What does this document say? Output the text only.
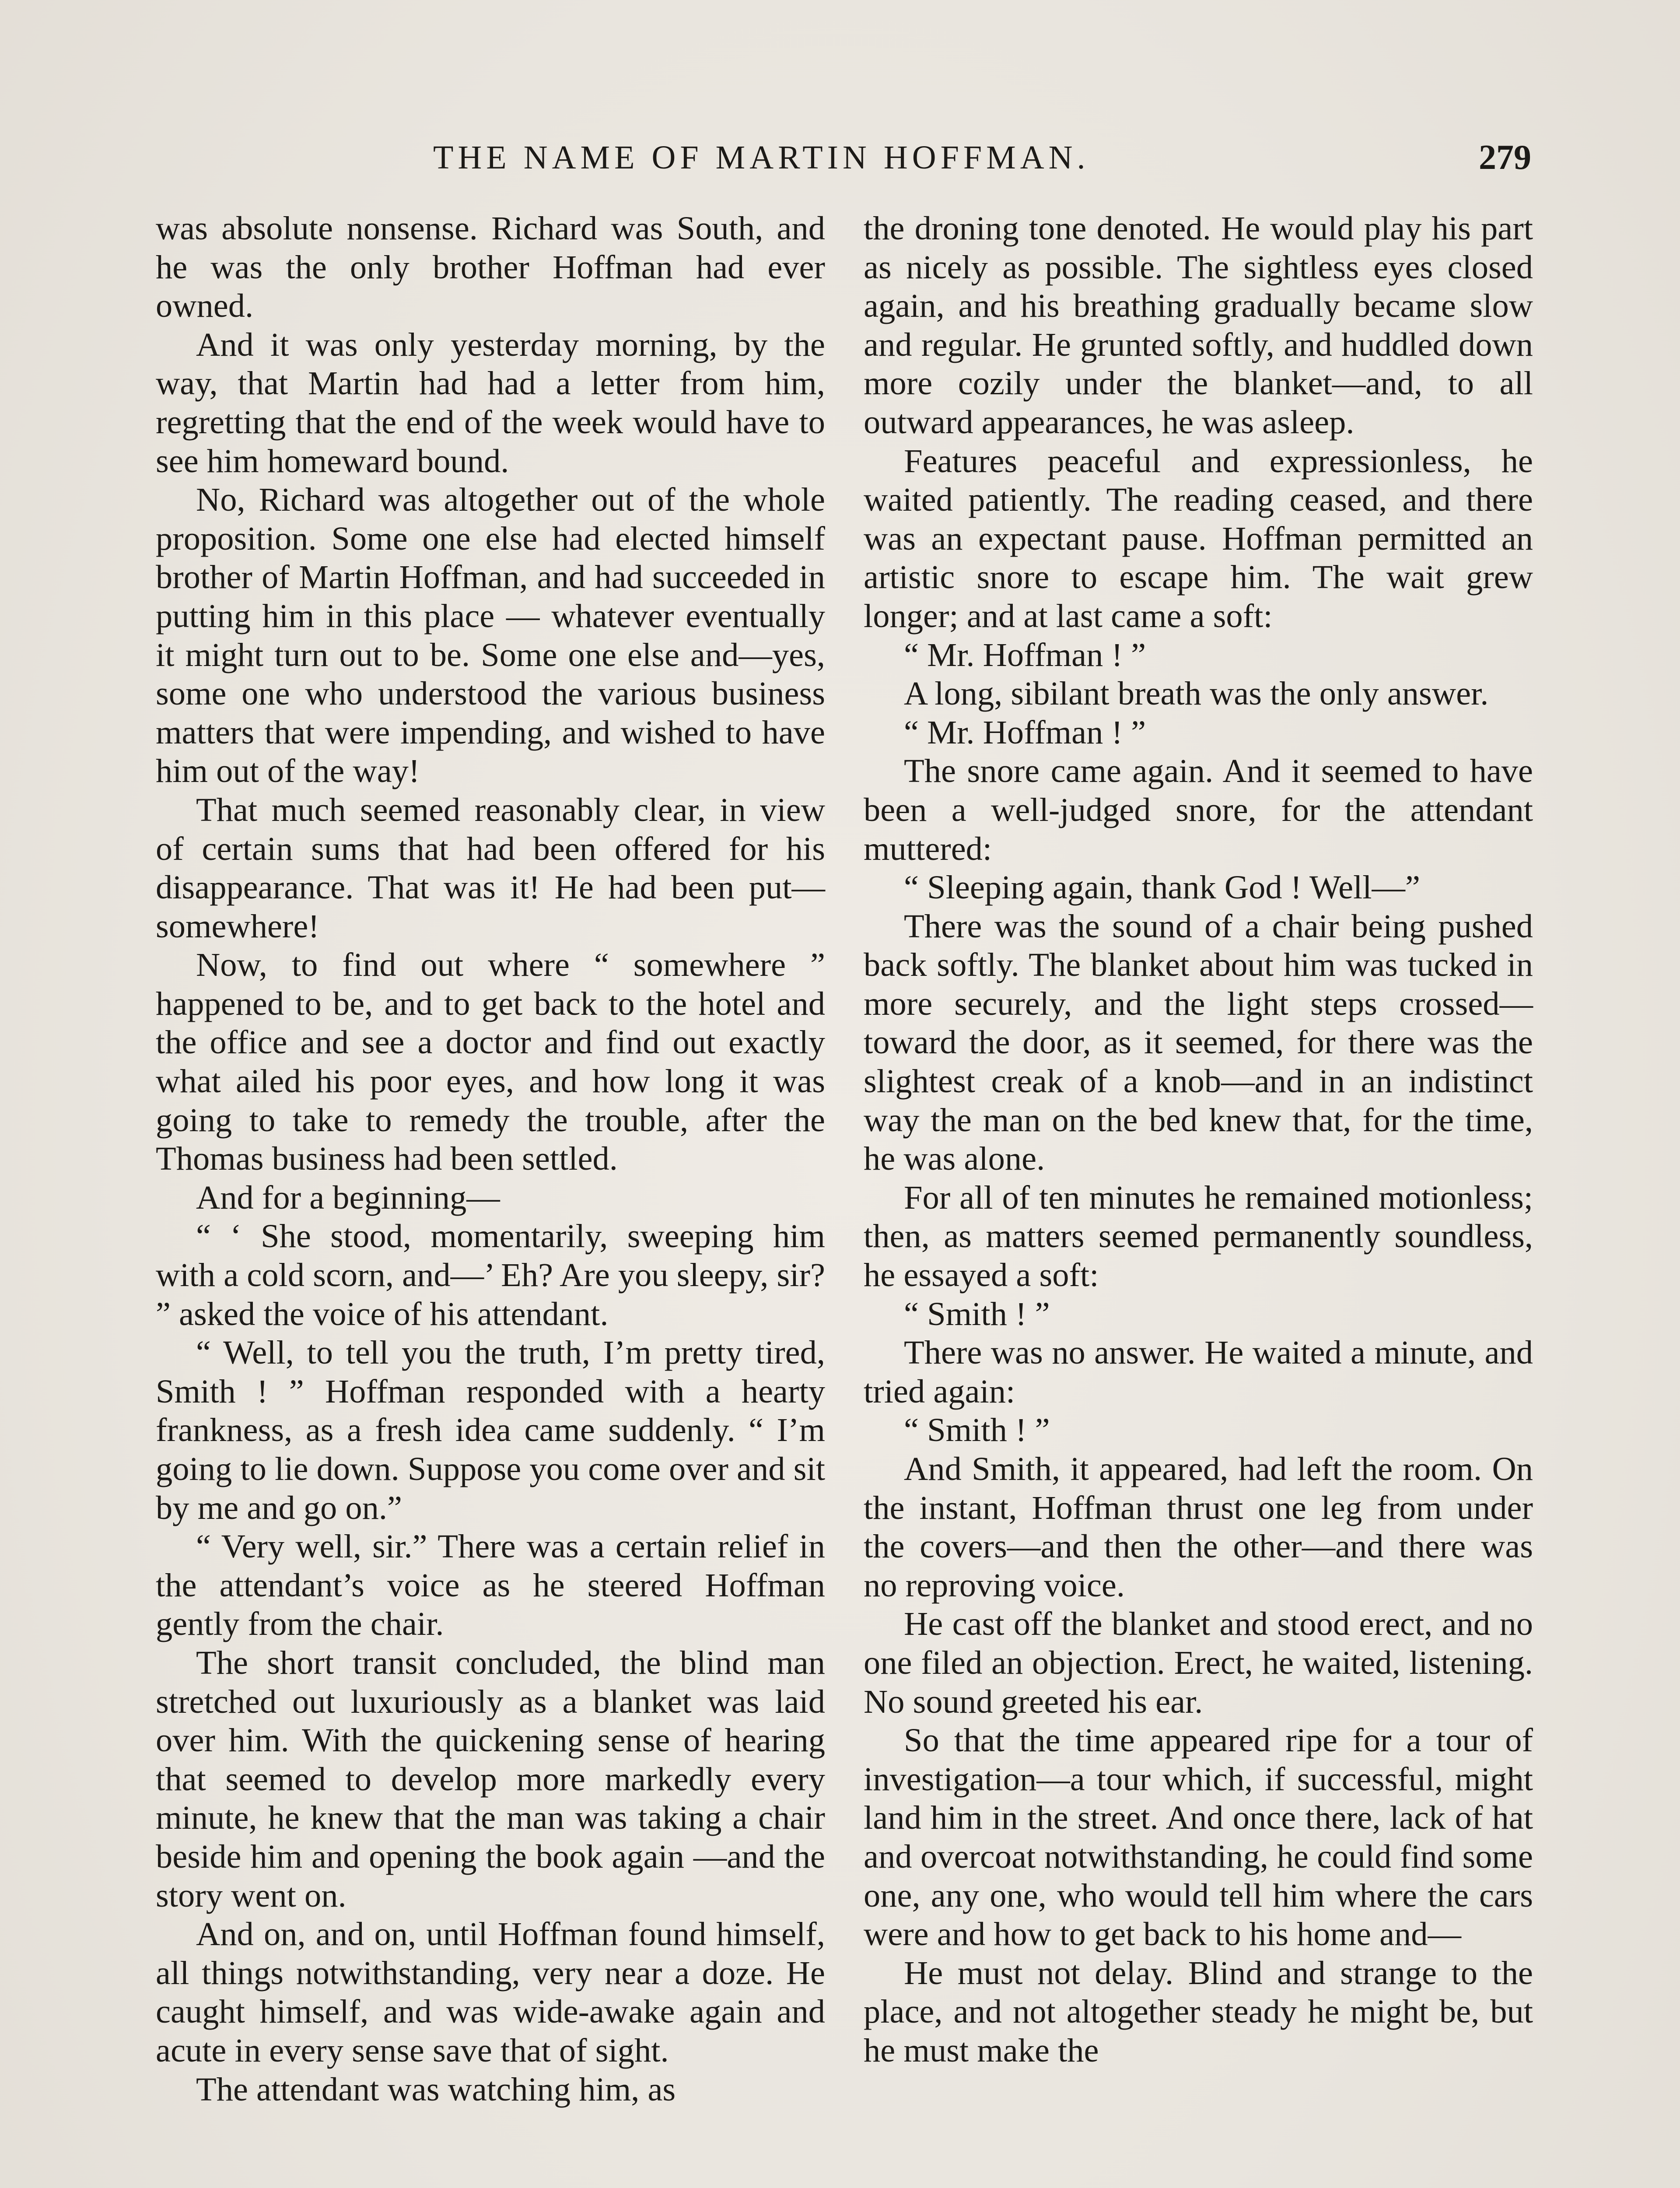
THE NAME OF MARTIN HOFFMAN.	279

was absolute nonsense. Richard was South, and he was the only brother Hoffman had ever owned.

And it was only yesterday morning, by the way, that Martin had had a letter from him, regretting that the end of the week would have to see him homeward bound.

No, Richard was altogether out of the whole proposition. Some one else had elected himself brother of Martin Hoffman, and had succeeded in putting him in this place — whatever eventually it might turn out to be. Some one else and—yes, some one who understood the various business matters that were impending, and wished to have him out of the way!

That much seemed reasonably clear, in view of certain sums that had been offered for his disappearance. That was it! He had been put—somewhere!

Now, to find out where “ somewhere ” happened to be, and to get back to the hotel and the office and see a doctor and find out exactly what ailed his poor eyes, and how long it was going to take to remedy the trouble, after the Thomas business had been settled.

And for a beginning—

“ ‘ She stood, momentarily, sweeping him with a cold scorn, and—’ Eh? Are you sleepy, sir? ” asked the voice of his attendant.

“ Well, to tell you the truth, I’m pretty tired, Smith ! ” Hoffman responded with a hearty frankness, as a fresh idea came suddenly. “ I’m going to lie down. Suppose you come over and sit by me and go on.”

“ Very well, sir.” There was a certain relief in the attendant’s voice as he steered Hoffman gently from the chair.

The short transit concluded, the blind man stretched out luxuriously as a blanket was laid over him. With the quickening sense of hearing that seemed to develop more markedly every minute, he knew that the man was taking a chair beside him and opening the book again —and the story went on.

And on, and on, until Hoffman found himself, all things notwithstanding, very near a doze. He caught himself, and was wide-awake again and acute in every sense save that of sight.

The attendant was watching him, as

the droning tone denoted. He would play his part as nicely as possible. The sightless eyes closed again, and his breathing gradually became slow and regular. He grunted softly, and huddled down more cozily under the blanket—and, to all outward appearances, he was asleep.

Features peaceful and expressionless, he waited patiently. The reading ceased, and there was an expectant pause. Hoffman permitted an artistic snore to escape him. The wait grew longer; and at last came a soft:

“ Mr. Hoffman ! ”

A long, sibilant breath was the only answer.

“ Mr. Hoffman ! ”

The snore came again. And it seemed to have been a well-judged snore, for the attendant muttered:

“ Sleeping again, thank God ! Well—”

There was the sound of a chair being pushed back softly. The blanket about him was tucked in more securely, and the light steps crossed—toward the door, as it seemed, for there was the slightest creak of a knob—and in an indistinct way the man on the bed knew that, for the time, he was alone.

For all of ten minutes he remained motionless; then, as matters seemed permanently soundless, he essayed a soft:

“ Smith ! ”

There was no answer. He waited a minute, and tried again:

“ Smith ! ”

And Smith, it appeared, had left the room. On the instant, Hoffman thrust one leg from under the covers—and then the other—and there was no reproving voice.

He cast off the blanket and stood erect, and no one filed an objection. Erect, he waited, listening. No sound greeted his ear.

So that the time appeared ripe for a tour of investigation—a tour which, if successful, might land him in the street. And once there, lack of hat and overcoat notwithstanding, he could find some one, any one, who would tell him where the cars were and how to get back to his home and—

He must not delay. Blind and strange to the place, and not altogether steady he might be, but he must make the
